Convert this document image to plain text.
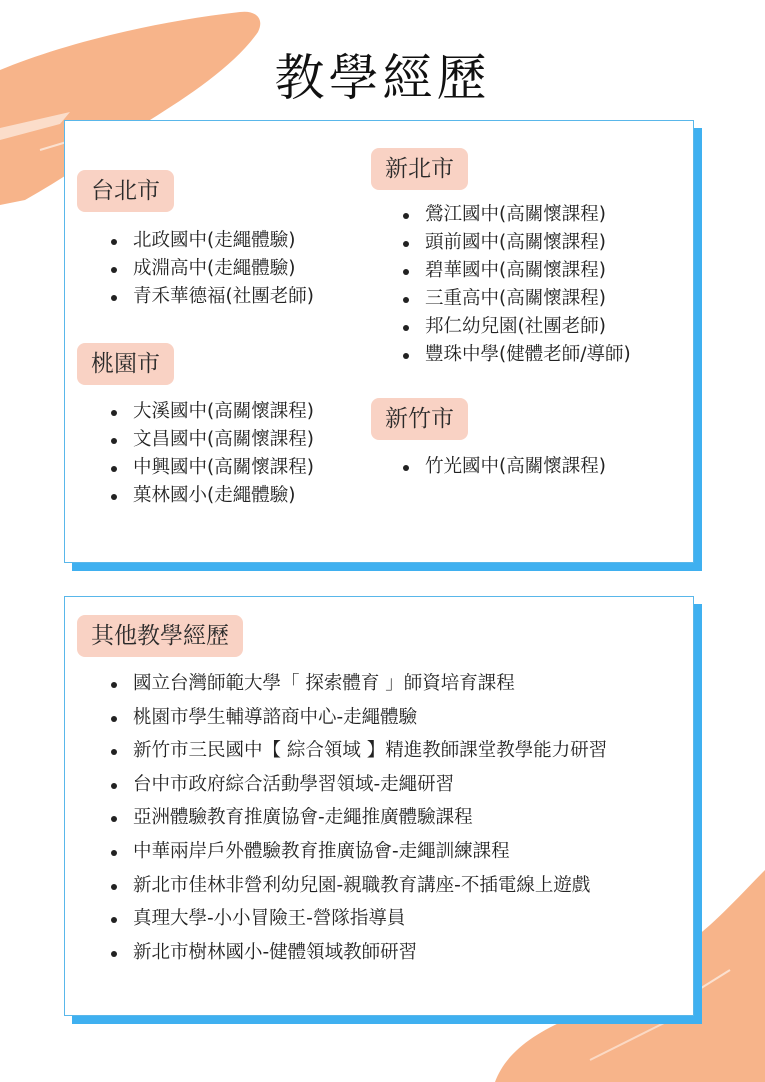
教學經歷
台北市
北政國中(走繩體驗)
成淵高中(走繩體驗)
青禾華德福(社團老師)
桃園市
大溪國中(高關懷課程)
文昌國中(高關懷課程)
中興國中(高關懷課程)
菓林國小(走繩體驗)
新北市
鶯江國中(高關懷課程)
頭前國中(高關懷課程)
碧華國中(高關懷課程)
三重高中(高關懷課程)
邦仁幼兒園(社團老師)
豐珠中學(健體老師/導師)
新竹市
竹光國中(高關懷課程)
其他教學經歷
國立台灣師範大學「 探索體育 」師資培育課程
桃園市學生輔導諮商中心-走繩體驗
新竹市三民國中【 綜合領域 】精進教師課堂教學能力研習
台中市政府綜合活動學習領域-走繩研習
亞洲體驗教育推廣協會-走繩推廣體驗課程
中華兩岸戶外體驗教育推廣協會-走繩訓練課程
新北市佳林非營利幼兒園-親職教育講座-不插電線上遊戲
真理大學-小小冒險王-營隊指導員
新北市樹林國小-健體領域教師研習
